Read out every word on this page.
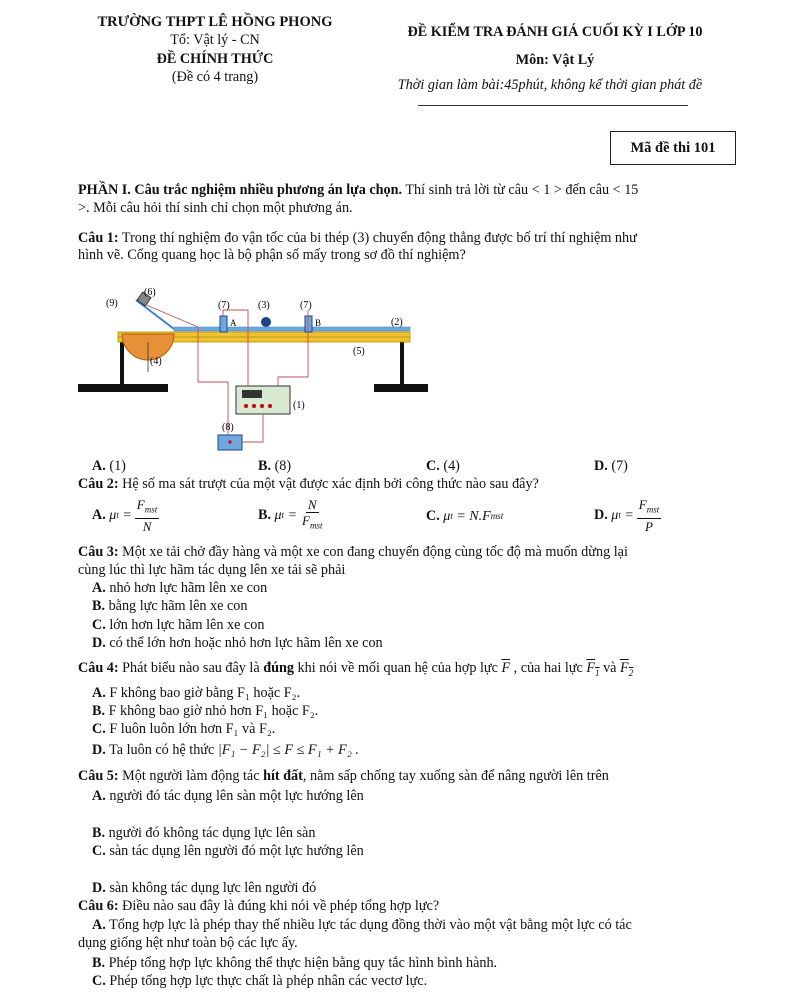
TRƯỜNG THPT LÊ HỒNG PHONG
Tổ: Vật lý - CN
ĐỀ CHÍNH THỨC
(Đề có 4 trang)
ĐỀ KIỂM TRA ĐÁNH GIÁ CUỐI KỲ I LỚP 10
Môn: Vật Lý
Thời gian làm bài:45phút, không kể thời gian phát đề
Mã đề thi 101
PHẦN I. Câu trắc nghiệm nhiều phương án lựa chọn. Thí sinh trả lời từ câu < 1 > đến câu < 15
>. Mỗi câu hỏi thí sinh chỉ chọn một phương án.
Câu 1: Trong thí nghiệm đo vận tốc của bi thép (3) chuyển động thẳng được bố trí thí nghiệm như
hình vẽ. Cổng quang học là bộ phận số mấy trong sơ đồ thí nghiệm?
(9)
(6)
(7)	(3)	(7)
A	B	(2)
(5)
(4)
(1)
(8)
A. (1)	B. (8)	C. (4)	D. (7)
Câu 2: Hệ số ma sát trượt của một vật được xác định bởi công thức nào sau đây?
A.
μ $t = \frac{F_{mst}}{N}$	B.
μ $t = \frac{N}{F_{mst}}$	C.
μ t = N.F mst	D.
μ $t = \frac{F_{mst}}{P}$
Câu 3: Một xe tải chở đầy hàng và một xe con đang chuyển động cùng tốc độ mà muốn dừng lại
cùng lúc thì lực hãm tác dụng lên xe tải sẽ phải
A. nhỏ hơn lực hãm lên xe con
B. bằng lực hãm lên xe con
C. lớn hơn lực hãm lên xe con
D. có thể lớn hơn hoặc nhỏ hơn lực hãm lên xe con
Câu 4: Phát biểu nào sau đây là đúng khi nói về mối quan hệ của hợp lực $\overline{F}$ , của hai lực $F_1$ và $F_2$
A. F không bao giờ bằng F₁ hoặc F₂.
B. F không bao giờ nhỏ hơn F₁ hoặc F₂.
C. F luôn luôn lớn hơn F₁ và F₂.
D. Ta luôn có hệ thức |F₁ − F₂| ≤ F ≤ F₁ + F₂ .
Câu 5: Một người làm động tác hít đất, nằm sấp chống tay xuống sàn để nâng người lên trên
A. người đó tác dụng lên sàn một lực hướng lên
B. người đó không tác dụng lực lên sàn
C. sàn tác dụng lên người đó một lực hướng lên
D. sàn không tác dụng lực lên người đó
Câu 6: Điều nào sau đây là đúng khi nói về phép tổng hợp lực?
A. Tổng hợp lực là phép thay thế nhiều lực tác dụng đồng thời vào một vật bằng một lực có tác
dụng giống hệt như toàn bộ các lực ấy.
B. Phép tổng hợp lực không thể thực hiện bằng quy tắc hình bình hành.
C. Phép tổng hợp lực thực chất là phép nhân các vectơ lực.
